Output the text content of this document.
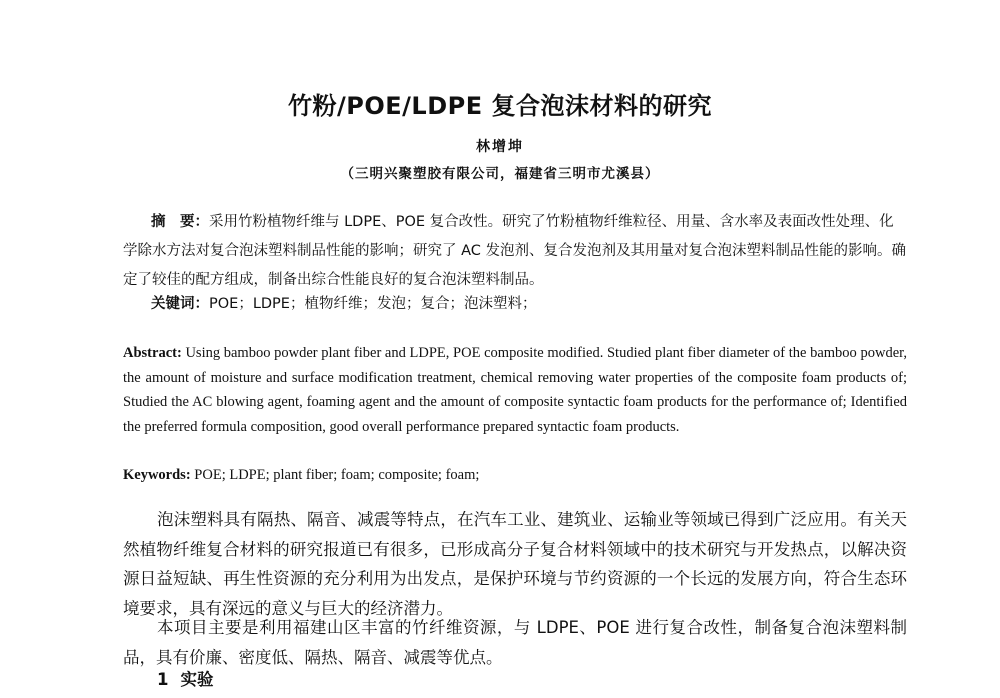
竹粉/POE/LDPE 复合泡沫材料的研究
林增坤
（三明兴聚塑胶有限公司，福建省三明市尤溪县）
摘　要：采用竹粉植物纤维与 LDPE、POE 复合改性。研究了竹粉植物纤维粒径、用量、含水率及表面改性处理、化学除水方法对复合泡沫塑料制品性能的影响；研究了 AC 发泡剂、复合发泡剂及其用量对复合泡沫塑料制品性能的影响。确定了较佳的配方组成，制备出综合性能良好的复合泡沫塑料制品。
关键词：POE；LDPE；植物纤维；发泡；复合；泡沫塑料；
Abstract: Using bamboo powder plant fiber and LDPE, POE composite modified. Studied plant fiber diameter of the bamboo powder, the amount of moisture and surface modification treatment, chemical removing water properties of the composite foam products of; Studied the AC blowing agent, foaming agent and the amount of composite syntactic foam products for the performance of; Identified the preferred formula composition, good overall performance prepared syntactic foam products.
Keywords: POE; LDPE; plant fiber; foam; composite; foam;
泡沫塑料具有隔热、隔音、减震等特点，在汽车工业、建筑业、运输业等领域已得到广泛应用。有关天然植物纤维复合材料的研究报道已有很多，已形成高分子复合材料领域中的技术研究与开发热点，以解决资源日益短缺、再生性资源的充分利用为出发点，是保护环境与节约资源的一个长远的发展方向，符合生态环境要求，具有深远的意义与巨大的经济潜力。
本项目主要是利用福建山区丰富的竹纤维资源，与 LDPE、POE 进行复合改性，制备复合泡沫塑料制品，具有价廉、密度低、隔热、隔音、减震等优点。
1 实验
